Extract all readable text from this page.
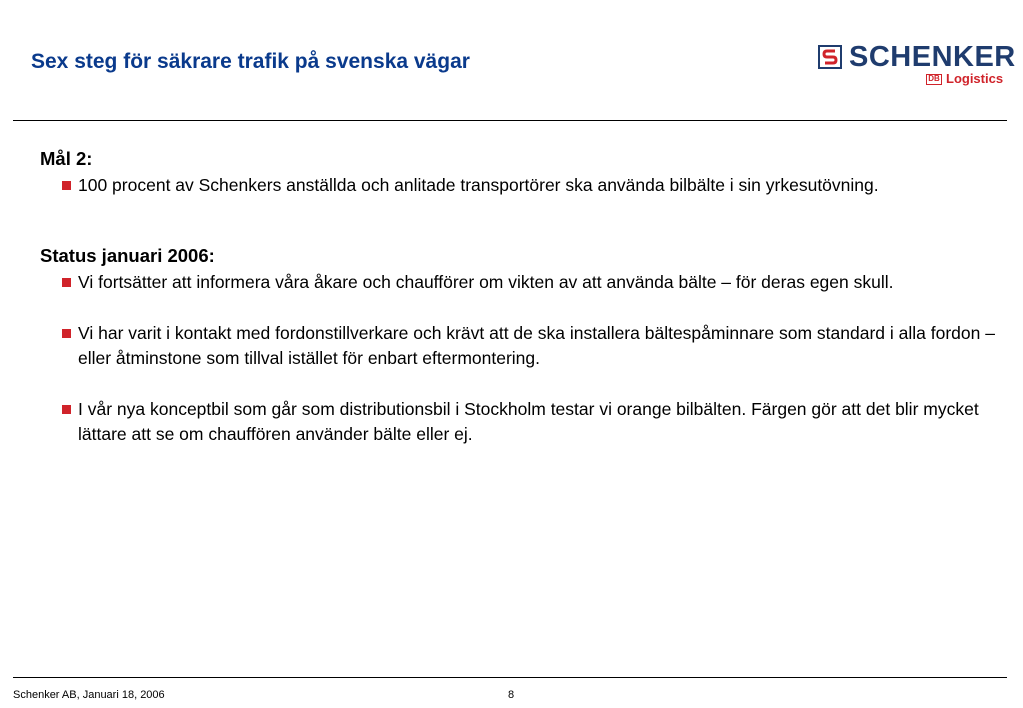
Sex steg för säkrare trafik på svenska vägar	SCHENKER
DB Logistics
Mål 2:
100 procent av Schenkers anställda och anlitade transportörer ska använda bilbälte i sin yrkesutövning.
Status januari 2006:
Vi fortsätter att informera våra åkare och chaufförer om vikten av att använda bälte – för deras egen skull.
Vi har varit i kontakt med fordonstillverkare och krävt att de ska installera bältespåminnare som standard i alla fordon – eller åtminstone som tillval istället för enbart eftermontering.
I vår nya konceptbil som går som distributionsbil i Stockholm testar vi orange bilbälten. Färgen gör att det blir mycket lättare att se om chauffören använder bälte eller ej.
Schenker AB, Januari 18, 2006	8
